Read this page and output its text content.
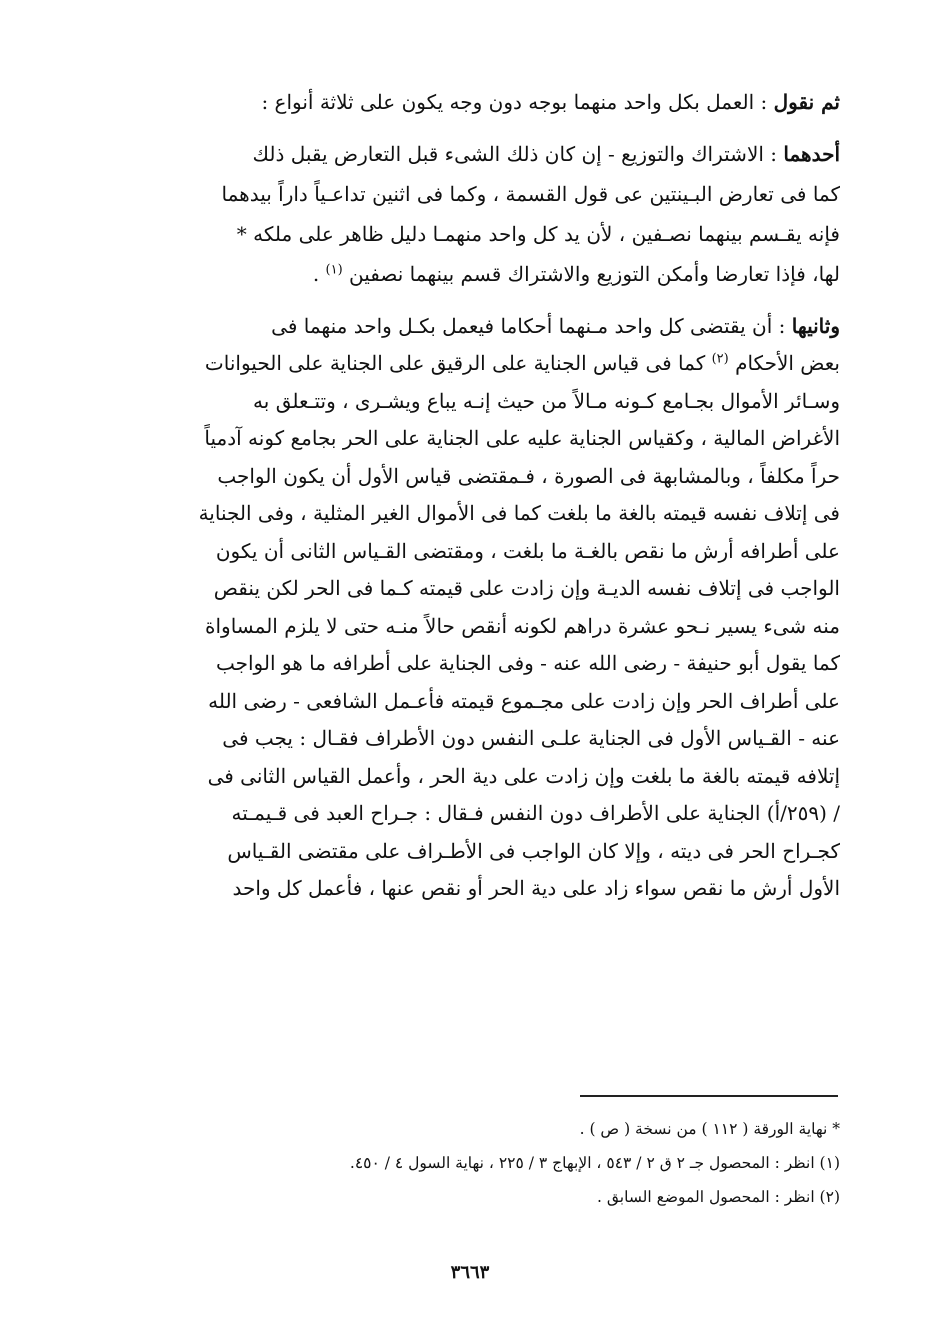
ثم نقول : العمل بكل واحد منهما بوجه دون وجه يكون على ثلاثة أنواع :
أحدهما : الاشتراك والتوزيع - إن كان ذلك الشىء قبل التعارض يقبل ذلك
كما فى تعارض البـينتين عى قول القسمة ، وكما فى اثنين تداعـياً داراً بيدهما
فإنه يقـسم بينهما نصـفين ، لأن يد كل واحد منهمـا دليل ظاهر على ملكه *
لها، فإذا تعارضا وأمكن التوزيع والاشتراك قسم بينهما نصفين $^{(١)}$ .
وثانيها : أن يقتضى كل واحد مـنهما أحكاما فيعمل بكـل واحد منهما فى
بعض الأحكام $^{(٢)}$ كما فى قياس الجناية على الرقيق على الجناية على الحيوانات
وسـائر الأموال بجـامع كـونه مـالاً من حيث إنـه يباع ويشـرى ، وتتـعلق به
الأغراض المالية ، وكقياس الجناية عليه على الجناية على الحر بجامع كونه آدمياً
حراً مكلفاً ، وبالمشابهة فى الصورة ، فـمقتضى قياس الأول أن يكون الواجب
فى إتلاف نفسه قيمته بالغة ما بلغت كما فى الأموال الغير المثلية ، وفى الجناية
على أطرافه أرش ما نقص بالغـة ما بلغت ، ومقتضى القـياس الثانى أن يكون
الواجب فى إتلاف نفسه الديـة وإن زادت على قيمته كـما فى الحر لكن ينقص
منه شىء يسير نـحو عشرة دراهم لكونه أنقص حالاً منـه حتى لا يلزم المساواة
كما يقول أبو حنيفة - رضى الله عنه - وفى الجناية على أطرافه ما هو الواجب
على أطراف الحر وإن زادت على مجـموع قيمته فأعـمل الشافعى - رضى الله
عنه - القـياس الأول فى الجناية علـى النفس دون الأطراف فقـال : يجب فى
إتلافه قيمته بالغة ما بلغت وإن زادت على دية الحر ، وأعمل القياس الثانى فى
/ (٢٥٩/أ) الجناية على الأطراف دون النفس فـقال : جـراح العبد فى قـيمـته
كجـراح الحر فى ديته ، وإلا كان الواجب فى الأطـراف على مقتضى القـياس
الأول أرش ما نقص سواء زاد على دية الحر أو نقص عنها ، فأعمل كل واحد
* نهاية الورقة ( ١١٢ ) من نسخة ( ص ) .
(١) انظر : المحصول جـ ٢ ق ٢ / ٥٤٣ ، الإبهاج ٣ / ٢٢٥ ، نهاية السول ٤ / ٤٥٠.
(٢) انظر : المحصول الموضع السابق .
٣٦٦٣
